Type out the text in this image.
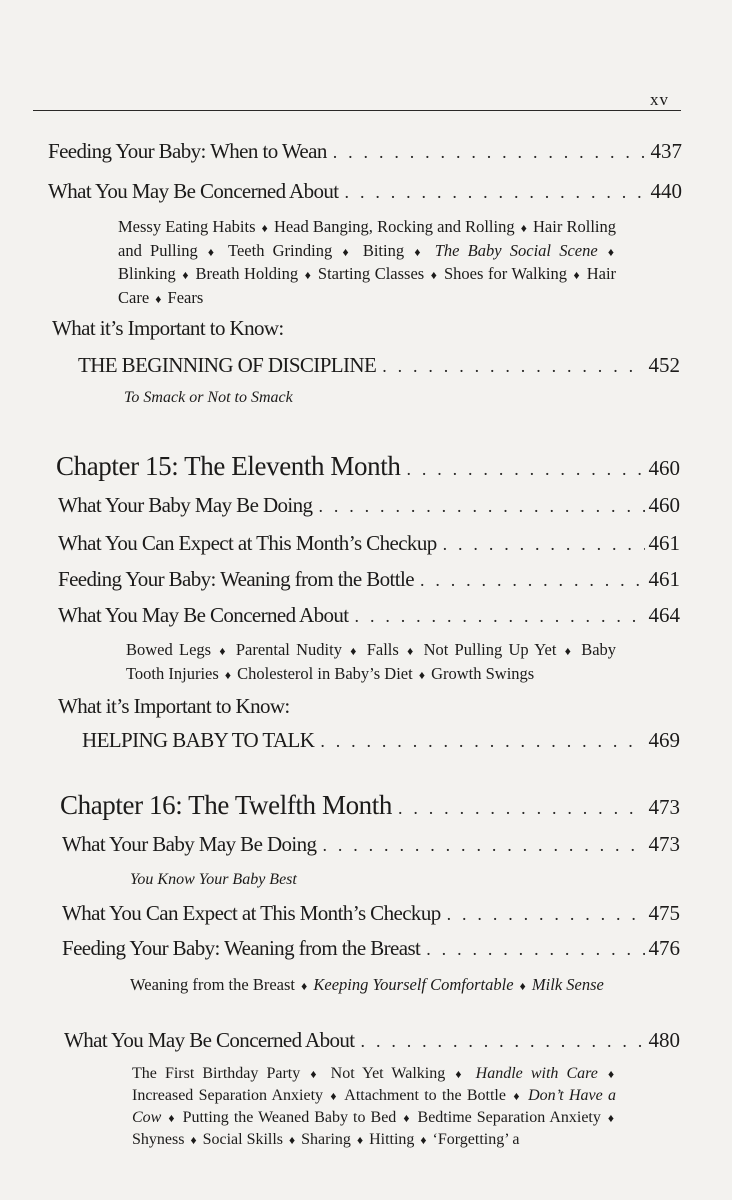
xv
Feeding Your Baby: When to Wean . . .	437
What You May Be Concerned About . . .	440
Messy Eating Habits ♦ Head Banging, Rocking and Rolling ♦ Hair Rolling and Pulling ♦ Teeth Grinding ♦ Biting ♦ The Baby Social Scene ♦ Blinking ♦ Breath Holding ♦ Starting Classes ♦ Shoes for Walking ♦ Hair Care ♦ Fears
What it’s Important to Know:
THE BEGINNING OF DISCIPLINE . . .	452
To Smack or Not to Smack
Chapter 15: The Eleventh Month . . .	460
What Your Baby May Be Doing . . .	460
What You Can Expect at This Month’s Checkup . . .	461
Feeding Your Baby: Weaning from the Bottle . . .	461
What You May Be Concerned About . . .	464
Bowed Legs ♦ Parental Nudity ♦ Falls ♦ Not Pulling Up Yet ♦ Baby Tooth Injuries ♦ Cholesterol in Baby’s Diet ♦ Growth Swings
What it’s Important to Know:
HELPING BABY TO TALK . . .	469
Chapter 16: The Twelfth Month . . .	473
What Your Baby May Be Doing . . .	473
You Know Your Baby Best
What You Can Expect at This Month’s Checkup . . .	475
Feeding Your Baby: Weaning from the Breast . . .	476
Weaning from the Breast ♦ Keeping Yourself Comfortable ♦ Milk Sense
What You May Be Concerned About . . .	480
The First Birthday Party ♦ Not Yet Walking ♦ Handle with Care ♦ Increased Separation Anxiety ♦ Attachment to the Bottle ♦ Don’t Have a Cow ♦ Putting the Weaned Baby to Bed ♦ Bedtime Separation Anxiety ♦ Shyness ♦ Social Skills ♦ Sharing ♦ Hitting ♦ ‘Forgetting’ a
